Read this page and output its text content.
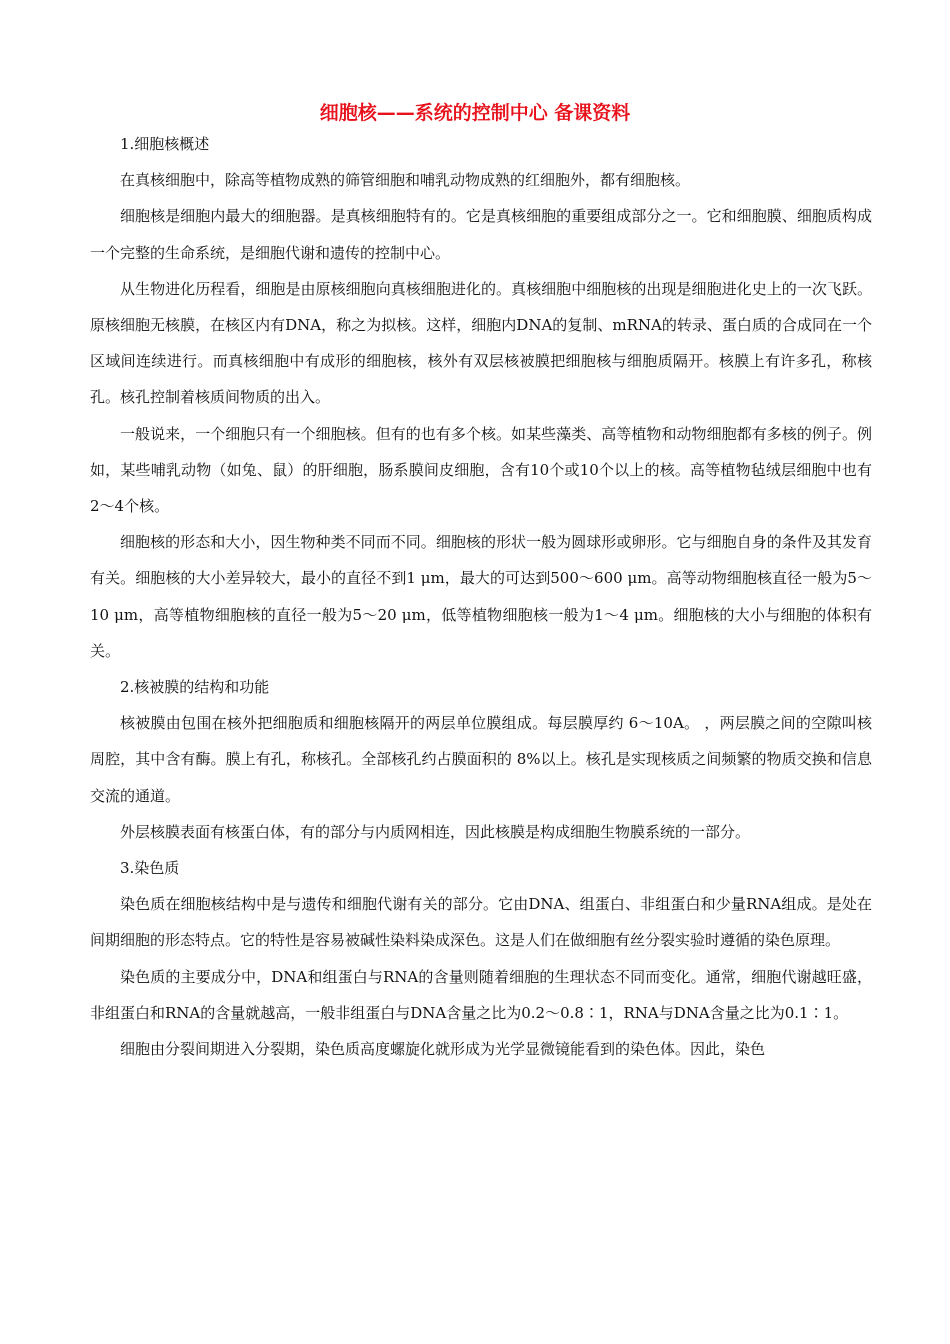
细胞核——系统的控制中心 备课资料

1.细胞核概述

在真核细胞中，除高等植物成熟的筛管细胞和哺乳动物成熟的红细胞外，都有细胞核。

细胞核是细胞内最大的细胞器。是真核细胞特有的。它是真核细胞的重要组成部分之一。它和细胞膜、细胞质构成一个完整的生命系统，是细胞代谢和遗传的控制中心。

从生物进化历程看，细胞是由原核细胞向真核细胞进化的。真核细胞中细胞核的出现是细胞进化史上的一次飞跃。原核细胞无核膜，在核区内有DNA，称之为拟核。这样，细胞内DNA的复制、mRNA的转录、蛋白质的合成同在一个区域间连续进行。而真核细胞中有成形的细胞核，核外有双层核被膜把细胞核与细胞质隔开。核膜上有许多孔，称核孔。核孔控制着核质间物质的出入。

一般说来，一个细胞只有一个细胞核。但有的也有多个核。如某些藻类、高等植物和动物细胞都有多核的例子。例如，某些哺乳动物（如兔、鼠）的肝细胞，肠系膜间皮细胞，含有10个或10个以上的核。高等植物毡绒层细胞中也有2～4个核。

细胞核的形态和大小，因生物种类不同而不同。细胞核的形状一般为圆球形或卵形。它与细胞自身的条件及其发育有关。细胞核的大小差异较大，最小的直径不到1 μm，最大的可达到500～600 μm。高等动物细胞核直径一般为5～10 μm，高等植物细胞核的直径一般为5～20 μm，低等植物细胞核一般为1～4 μm。细胞核的大小与细胞的体积有关。

2.核被膜的结构和功能

核被膜由包围在核外把细胞质和细胞核隔开的两层单位膜组成。每层膜厚约 6～10A。 ，两层膜之间的空隙叫核周腔，其中含有酶。膜上有孔，称核孔。全部核孔约占膜面积的 8%以上。核孔是实现核质之间频繁的物质交换和信息交流的通道。

外层核膜表面有核蛋白体，有的部分与内质网相连，因此核膜是构成细胞生物膜系统的一部分。

3.染色质

染色质在细胞核结构中是与遗传和细胞代谢有关的部分。它由DNA、组蛋白、非组蛋白和少量RNA组成。是处在间期细胞的形态特点。它的特性是容易被碱性染料染成深色。这是人们在做细胞有丝分裂实验时遵循的染色原理。

染色质的主要成分中，DNA和组蛋白与RNA的含量则随着细胞的生理状态不同而变化。通常，细胞代谢越旺盛，非组蛋白和RNA的含量就越高，一般非组蛋白与DNA含量之比为0.2～0.8∶1，RNA与DNA含量之比为0.1∶1。

细胞由分裂间期进入分裂期，染色质高度螺旋化就形成为光学显微镜能看到的染色体。因此，染色
